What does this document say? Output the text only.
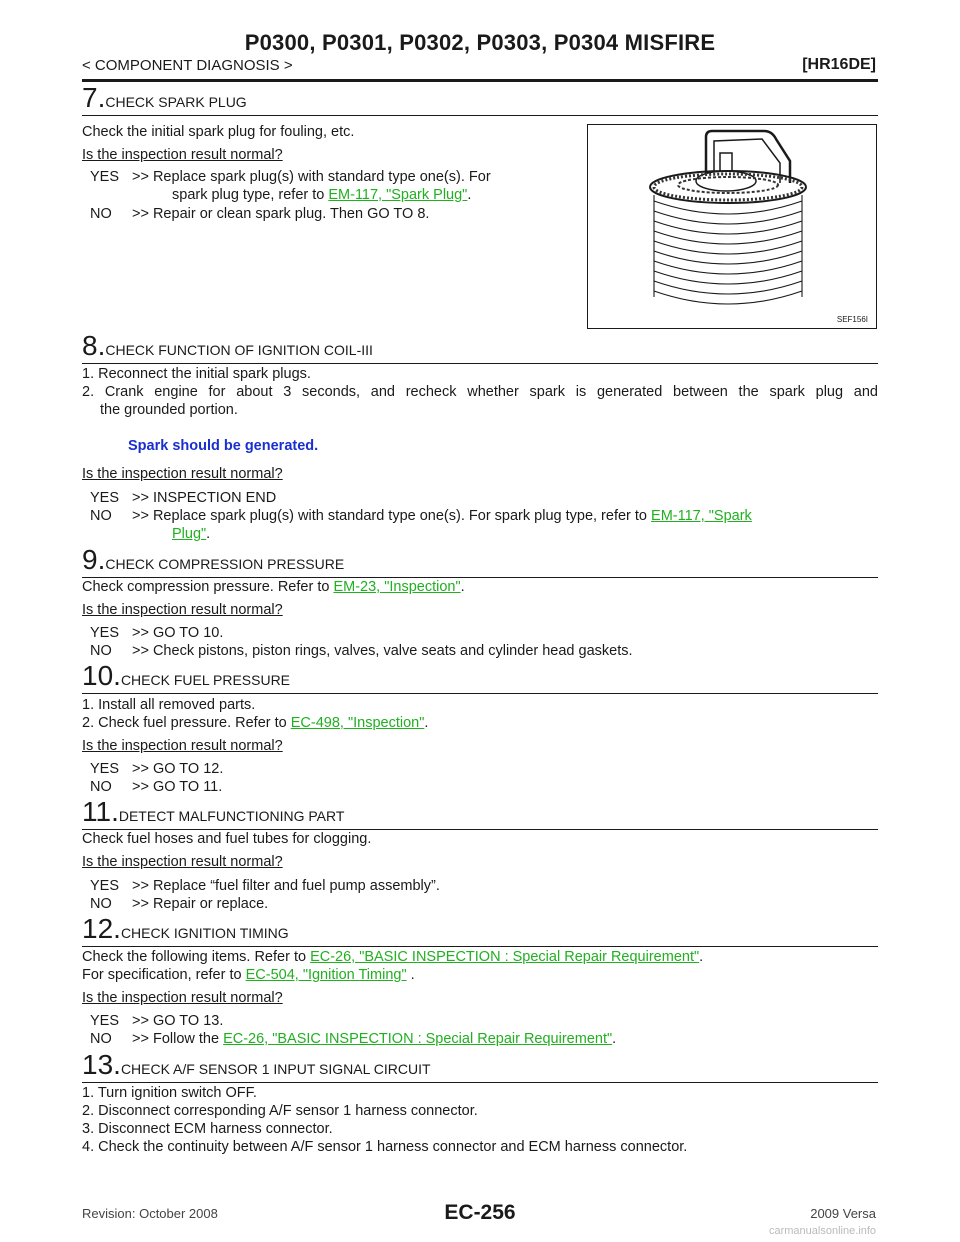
P0300, P0301, P0302, P0303, P0304 MISFIRE
< COMPONENT DIAGNOSIS >	[HR16DE]
7.CHECK SPARK PLUG
Check the initial spark plug for fouling, etc.
Is the inspection result normal?
YES >> Replace spark plug(s) with standard type one(s). For
spark plug type, refer to EM-117, "Spark Plug".
NO	>> Repair or clean spark plug. Then GO TO 8.
SEF156I
8.CHECK FUNCTION OF IGNITION COIL-III
1. Reconnect the initial spark plugs.
2. Crank engine for about 3 seconds, and recheck whether spark is generated between the spark plug and
the grounded portion.
Spark should be generated.
Is the inspection result normal?
YES >> INSPECTION END
NO	>> Replace spark plug(s) with standard type one(s). For spark plug type, refer to EM-117, "Spark
Plug".
9.CHECK COMPRESSION PRESSURE
Check compression pressure. Refer to EM-23, "Inspection".
Is the inspection result normal?
YES >> GO TO 10.
NO	>> Check pistons, piston rings, valves, valve seats and cylinder head gaskets.
10.CHECK FUEL PRESSURE
1. Install all removed parts.
2. Check fuel pressure. Refer to EC-498, "Inspection".
Is the inspection result normal?
YES >> GO TO 12.
NO	>> GO TO 11.
11.DETECT MALFUNCTIONING PART
Check fuel hoses and fuel tubes for clogging.
Is the inspection result normal?
YES >> Replace “fuel filter and fuel pump assembly”.
NO	>> Repair or replace.
12.CHECK IGNITION TIMING
Check the following items. Refer to EC-26, "BASIC INSPECTION : Special Repair Requirement".
For specification, refer to EC-504, "Ignition Timing" .
Is the inspection result normal?
YES >> GO TO 13.
NO	>> Follow the EC-26, "BASIC INSPECTION : Special Repair Requirement".
13.CHECK A/F SENSOR 1 INPUT SIGNAL CIRCUIT
1. Turn ignition switch OFF.
2. Disconnect corresponding A/F sensor 1 harness connector.
3. Disconnect ECM harness connector.
4. Check the continuity between A/F sensor 1 harness connector and ECM harness connector.
Revision: October 2008	EC-256	2009 Versa
carmanualsonline.info
